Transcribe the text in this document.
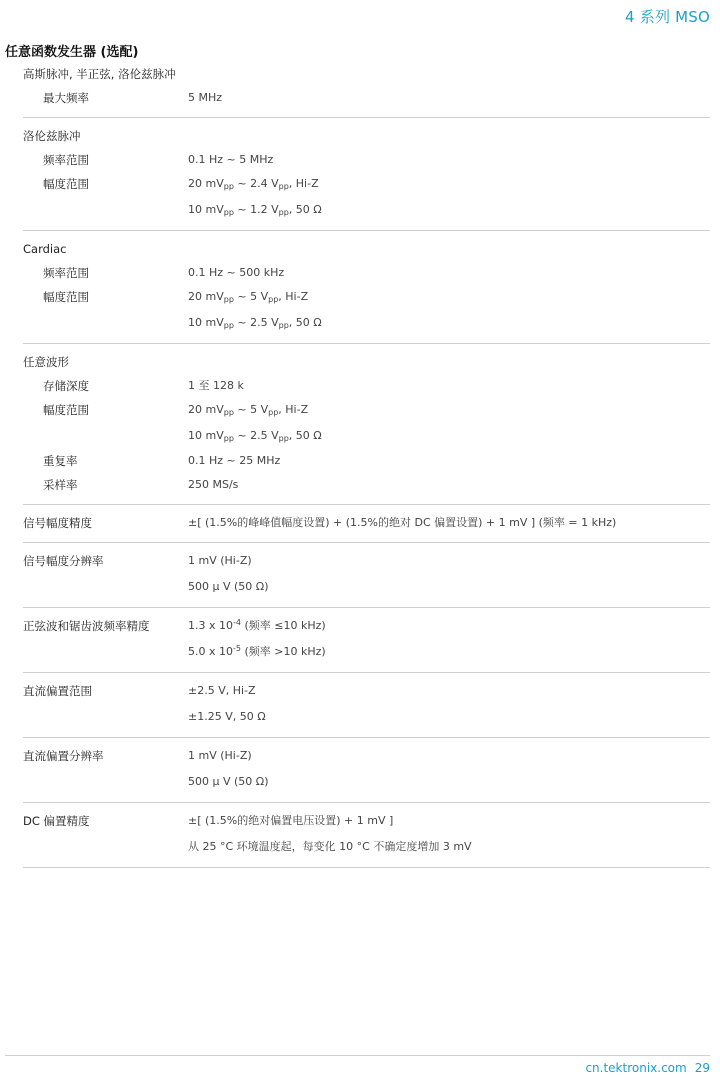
4 系列 MSO
任意函数发生器 (选配)
高斯脉冲, 半正弦, 洛伦兹脉冲
最大频率	5 MHz
洛伦兹脉冲
频率范围	0.1 Hz ~ 5 MHz
幅度范围	20 $mV_{pp}$ ~ 2.4 $V_{pp}$, Hi-Z
10 $mV_{pp}$ ~ 1.2 $V_{pp}$, 50 Ω
Cardiac
频率范围	0.1 Hz ~ 500 kHz
幅度范围	20 $mV_{pp}$ ~ 5 $V_{pp}$, Hi-Z
10 $mV_{pp}$ ~ 2.5 $V_{pp}$, 50 Ω
任意波形
存储深度	1 至 128 k
幅度范围	20 $mV_{pp}$ ~ 5 $V_{pp}$, Hi-Z
10 $mV_{pp}$ ~ 2.5 $V_{pp}$, 50 Ω
重复率	0.1 Hz ~ 25 MHz
采样率	250 MS/s
信号幅度精度	±[ (1.5%的峰峰值幅度设置) + (1.5%的绝对 DC 偏置设置) + 1 mV ] (频率 = 1 kHz)
信号幅度分辨率	1 mV (Hi-Z)
500 μ V (50 Ω)
正弦波和锯齿波频率精度	1.3 x $10^{-4}$ (频率 ≤10 kHz)
5.0 x $10^{-5}$ (频率 >10 kHz)
直流偏置范围	±2.5 V, Hi-Z
±1.25 V, 50 Ω
直流偏置分辨率	1 mV (Hi-Z)
500 μ V (50 Ω)
DC 偏置精度	±[ (1.5%的绝对偏置电压设置) + 1 mV ]
从 25 °C 环境温度起，每变化 10 °C 不确定度增加 3 mV
cn.tektronix.com 29
